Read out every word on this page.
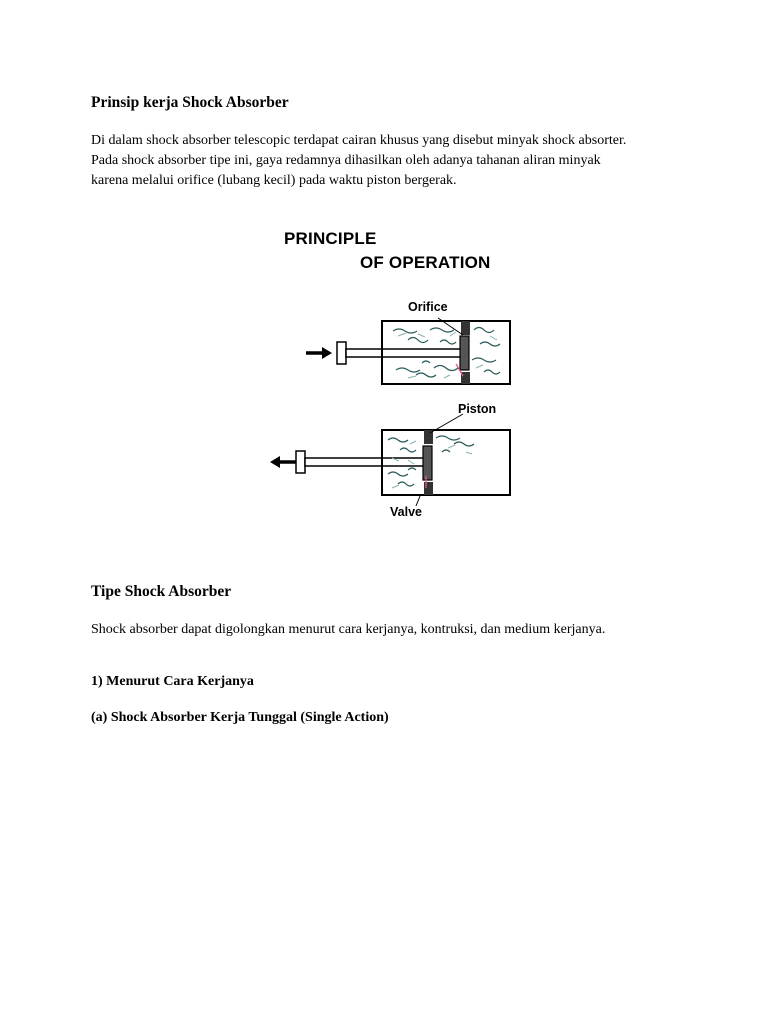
Prinsip kerja Shock Absorber

Di dalam shock absorber telescopic terdapat cairan khusus yang disebut minyak shock absorter.
Pada shock absorber tipe ini, gaya redamnya dihasilkan oleh adanya tahanan aliran minyak
karena melalui orifice (lubang kecil) pada waktu piston bergerak.

PRINCIPLE
OF OPERATION
Orifice
Piston
Valve
Tipe Shock Absorber

Shock absorber dapat digolongkan menurut cara kerjanya, kontruksi, dan medium kerjanya.

1) Menurut Cara Kerjanya
(a) Shock Absorber Kerja Tunggal (Single Action)
